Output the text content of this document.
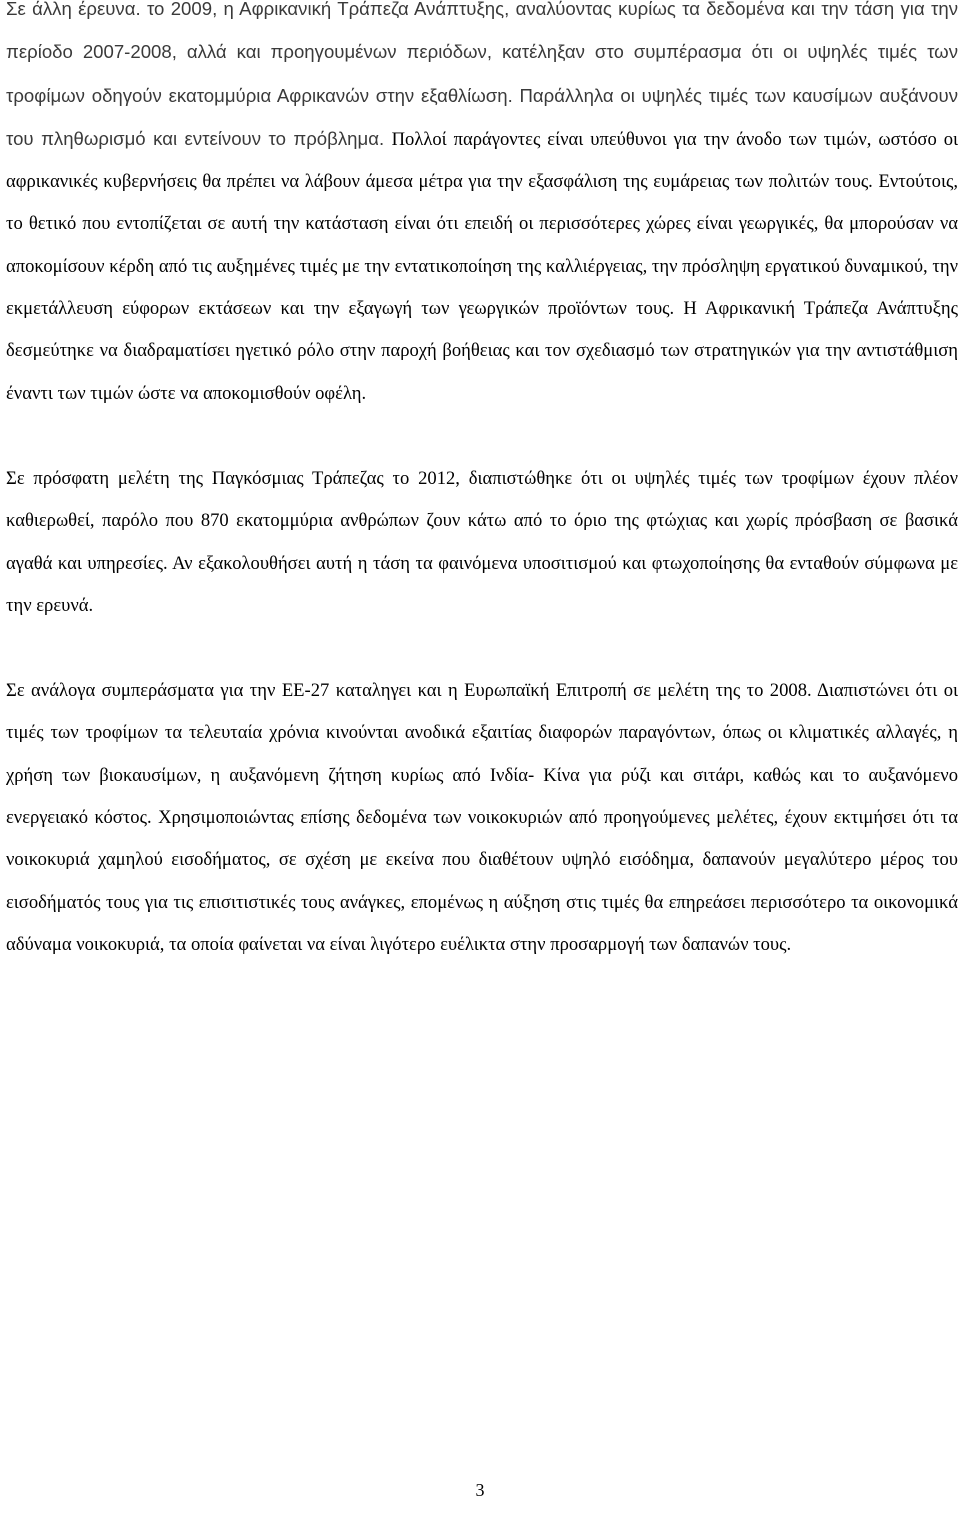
Σε άλλη έρευνα. το 2009, η Αφρικανική Τράπεζα Ανάπτυξης, αναλύοντας κυρίως τα δεδομένα και την τάση για την περίοδο 2007-2008, αλλά και προηγουμένων περιόδων, κατέληξαν στο συμπέρασμα ότι οι υψηλές τιμές των τροφίμων οδηγούν εκατομμύρια Αφρικανών στην εξαθλίωση. Παράλληλα οι υψηλές τιμές των καυσίμων αυξάνουν του πληθωρισμό και εντείνουν το πρόβλημα. Πολλοί παράγοντες είναι υπεύθυνοι για την άνοδο των τιμών, ωστόσο οι αφρικανικές κυβερνήσεις θα πρέπει να λάβουν άμεσα μέτρα για την εξασφάλιση της ευμάρειας των πολιτών τους. Εντούτοις, το θετικό που εντοπίζεται σε αυτή την κατάσταση είναι ότι επειδή οι περισσότερες χώρες είναι γεωργικές, θα μπορούσαν να αποκομίσουν κέρδη από τις αυξημένες τιμές με την εντατικοποίηση της καλλιέργειας, την πρόσληψη εργατικού δυναμικού, την εκμετάλλευση εύφορων εκτάσεων και την εξαγωγή των γεωργικών προϊόντων τους. Η Αφρικανική Τράπεζα Ανάπτυξης δεσμεύτηκε να διαδραματίσει ηγετικό ρόλο στην παροχή βοήθειας και τον σχεδιασμό των στρατηγικών για την αντιστάθμιση έναντι των τιμών ώστε να αποκομισθούν οφέλη.

Σε πρόσφατη μελέτη της Παγκόσμιας Τράπεζας το 2012, διαπιστώθηκε ότι οι υψηλές τιμές των τροφίμων έχουν πλέον καθιερωθεί, παρόλο που 870 εκατομμύρια ανθρώπων ζουν κάτω από το όριο της φτώχιας και χωρίς πρόσβαση σε βασικά αγαθά και υπηρεσίες. Αν εξακολουθήσει αυτή η τάση τα φαινόμενα υποσιτισμού και φτωχοποίησης θα ενταθούν σύμφωνα με την ερευνά.

Σε ανάλογα συμπεράσματα για την ΕΕ-27 καταληγει και η Ευρωπαϊκή Επιτροπή σε μελέτη της το 2008. Διαπιστώνει ότι οι τιμές των τροφίμων τα τελευταία χρόνια κινούνται ανοδικά εξαιτίας διαφορών παραγόντων, όπως οι κλιματικές αλλαγές, η χρήση των βιοκαυσίμων, η αυξανόμενη ζήτηση κυρίως από Ινδία- Κίνα για ρύζι και σιτάρι, καθώς και το αυξανόμενο ενεργειακό κόστος. Χρησιμοποιώντας επίσης δεδομένα των νοικοκυριών από προηγούμενες μελέτες, έχουν εκτιμήσει ότι τα νοικοκυριά χαμηλού εισοδήματος, σε σχέση με εκείνα που διαθέτουν υψηλό εισόδημα, δαπανούν μεγαλύτερο μέρος του εισοδήματός τους για τις επισιτιστικές τους ανάγκες, επομένως η αύξηση στις τιμές θα επηρεάσει περισσότερο τα οικονομικά αδύναμα νοικοκυριά, τα οποία φαίνεται να είναι λιγότερο ευέλικτα στην προσαρμογή των δαπανών τους.

3
